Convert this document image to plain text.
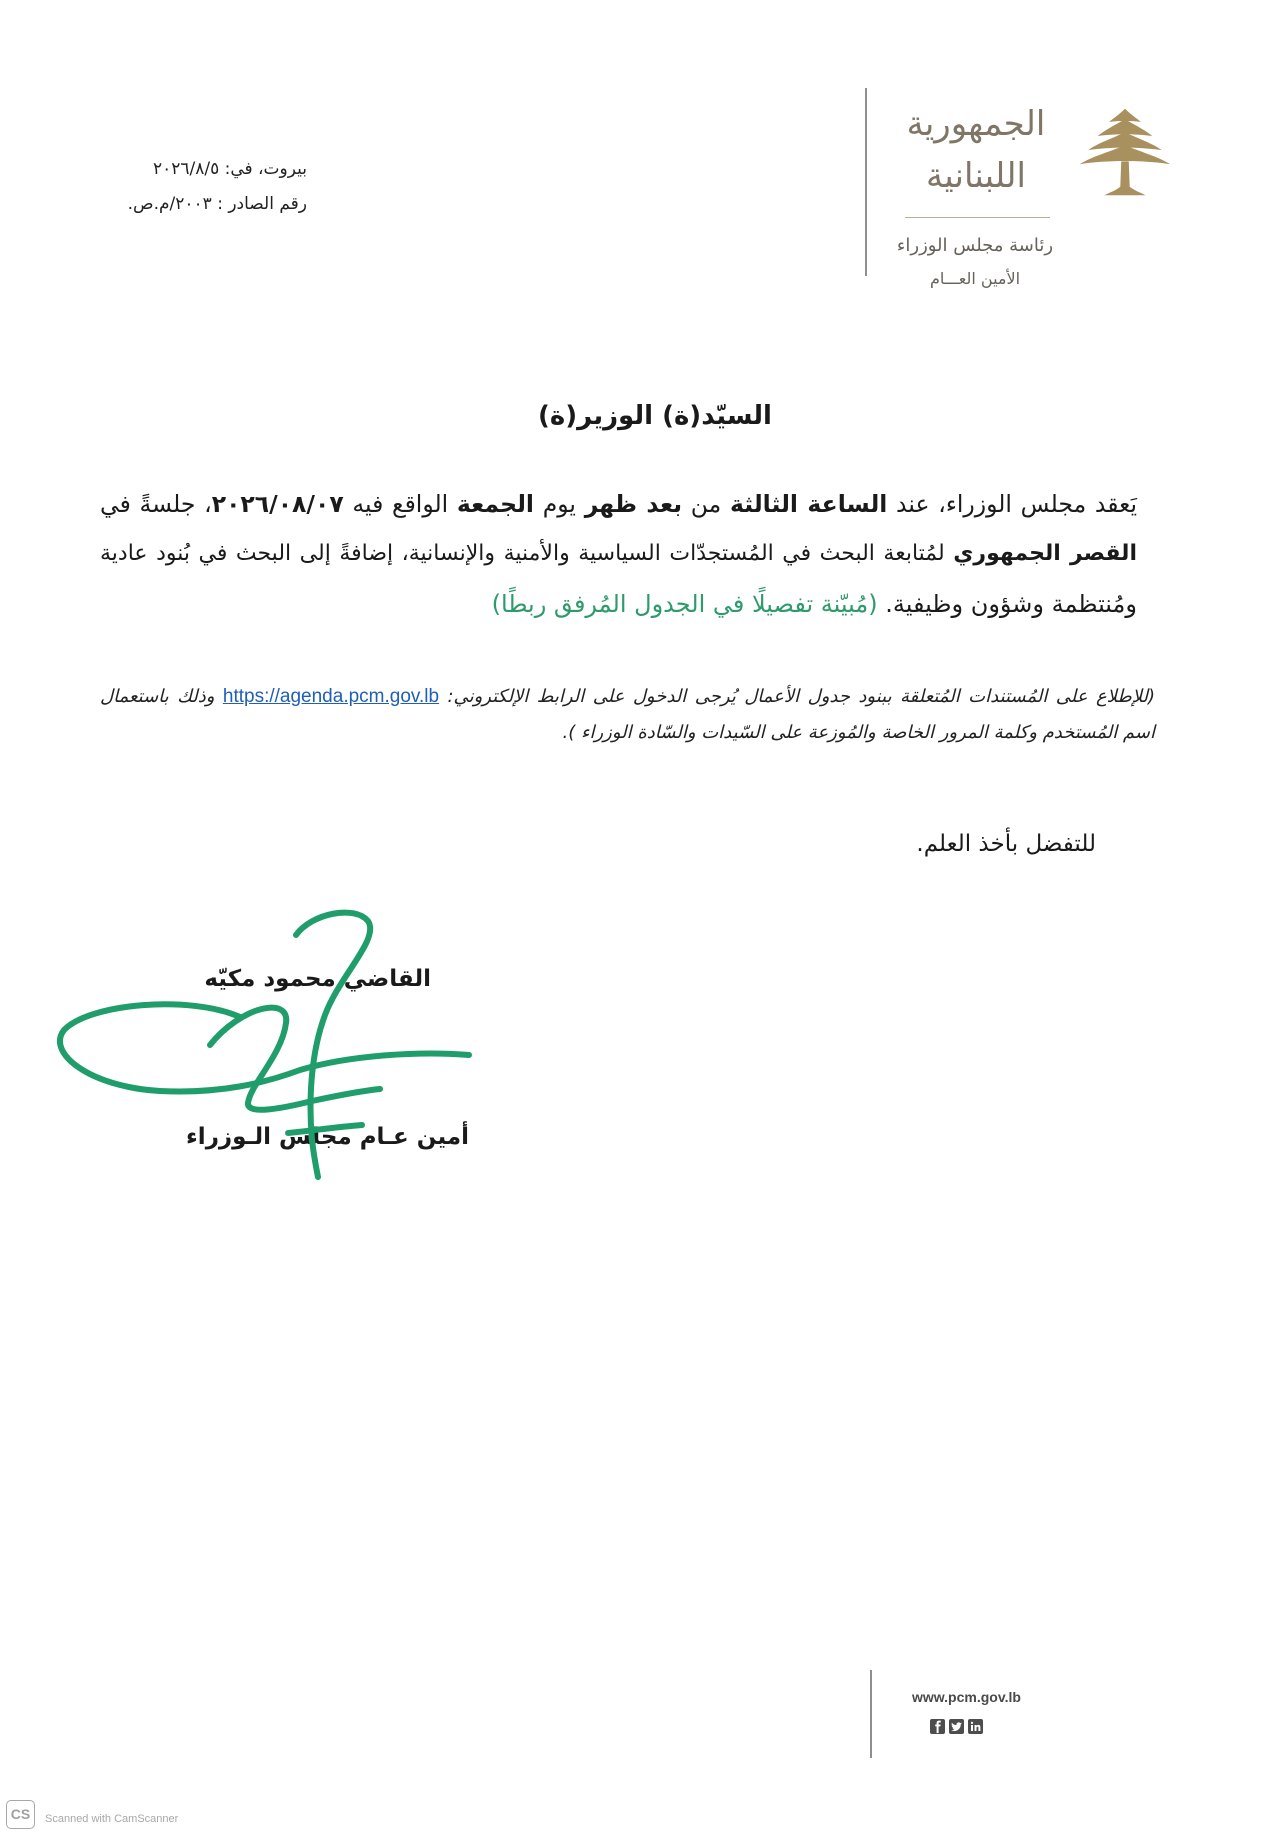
الجمهورية
اللبنانية
رئاسة مجلس الوزراء
الأمين العـــام
بيروت، في: ٢٠٢٦/٨/٥
رقم الصادر : ٢٠٠٣/م.ص.
السيّد(ة) الوزير(ة)
يَعقد مجلس الوزراء، عند الساعة الثالثة من بعد ظهر يوم الجمعة الواقع فيه ٢٠٢٦/٠٨/٠٧، جلسةً في
القصر الجمهوري لمُتابعة البحث في المُستجدّات السياسية والأمنية والإنسانية، إضافةً إلى البحث في بُنود عادية
ومُنتظمة وشؤون وظيفية. (مُبيّنة تفصيلًا في الجدول المُرفق ربطًا)
(للإطلاع على المُستندات المُتعلقة ببنود جدول الأعمال يُرجى الدخول على الرابط الإلكتروني: https://agenda.pcm.gov.lb وذلك باستعمال
اسم المُستخدم وكلمة المرور الخاصة والمُوزعة على السّيدات والسّادة الوزراء ).
للتفضل بأخذ العلم.
القاضي محمود مكيّه
أمين عـام مجلس الـوزراء
www.pcm.gov.lb
CS	Scanned with CamScanner
